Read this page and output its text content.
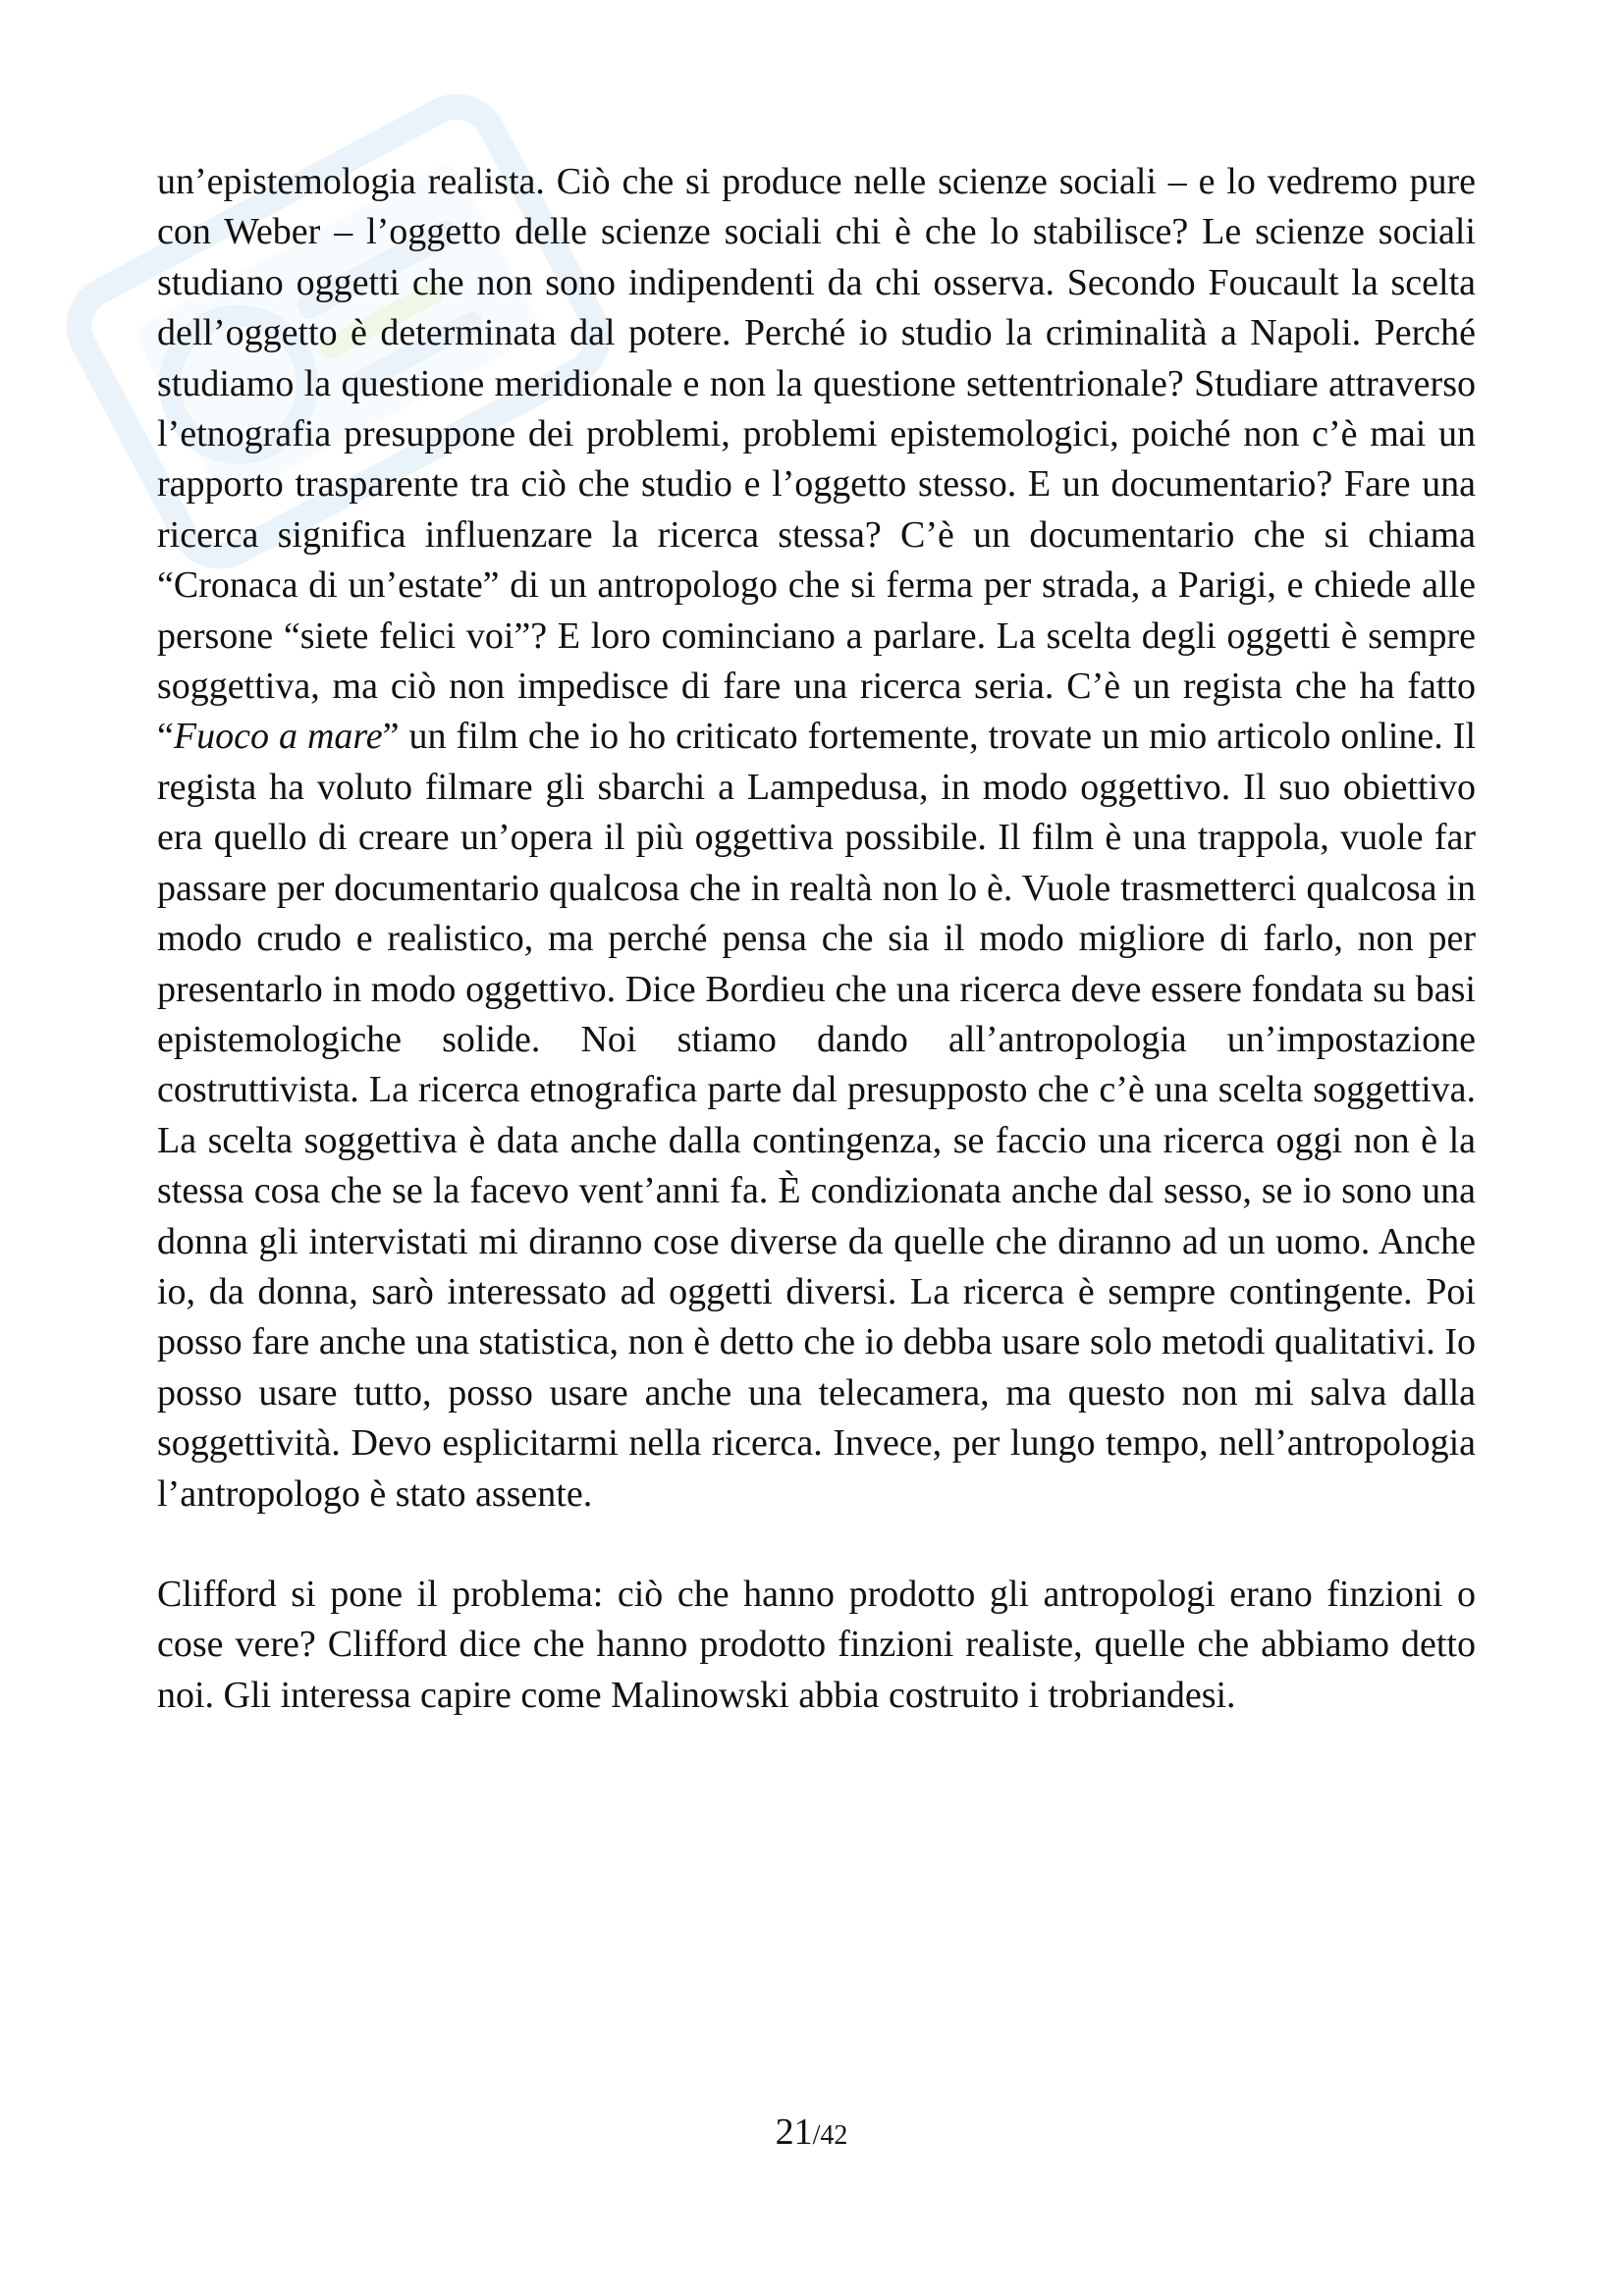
un’epistemologia realista. Ciò che si produce nelle scienze sociali – e lo vedremo pure con Weber – l’oggetto delle scienze sociali chi è che lo stabilisce? Le scienze sociali studiano oggetti che non sono indipendenti da chi osserva. Secondo Foucault la scelta dell’oggetto è determinata dal potere. Perché io studio la criminalità a Napoli. Perché studiamo la questione meridionale e non la questione settentrionale? Studiare attraverso l’etnografia presuppone dei problemi, problemi epistemologici, poiché non c’è mai un rapporto trasparente tra ciò che studio e l’oggetto stesso. E un documentario? Fare una ricerca significa influenzare la ricerca stessa? C’è un documentario che si chiama “Cronaca di un’estate” di un antropologo che si ferma per strada, a Parigi, e chiede alle persone “siete felici voi”? E loro cominciano a parlare. La scelta degli oggetti è sempre soggettiva, ma ciò non impedisce di fare una ricerca seria. C’è un regista che ha fatto “Fuoco a mare” un film che io ho criticato fortemente, trovate un mio articolo online. Il regista ha voluto filmare gli sbarchi a Lampedusa, in modo oggettivo. Il suo obiettivo era quello di creare un’opera il più oggettiva possibile. Il film è una trappola, vuole far passare per documentario qualcosa che in realtà non lo è. Vuole trasmetterci qualcosa in modo crudo e realistico, ma perché pensa che sia il modo migliore di farlo, non per presentarlo in modo oggettivo. Dice Bordieu che una ricerca deve essere fondata su basi epistemologiche solide. Noi stiamo dando all’antropologia un’impostazione costruttivista. La ricerca etnografica parte dal presupposto che c’è una scelta soggettiva. La scelta soggettiva è data anche dalla contingenza, se faccio una ricerca oggi non è la stessa cosa che se la facevo vent’anni fa. È condizionata anche dal sesso, se io sono una donna gli intervistati mi diranno cose diverse da quelle che diranno ad un uomo. Anche io, da donna, sarò interessato ad oggetti diversi. La ricerca è sempre contingente. Poi posso fare anche una statistica, non è detto che io debba usare solo metodi qualitativi. Io posso usare tutto, posso usare anche una telecamera, ma questo non mi salva dalla soggettività. Devo esplicitarmi nella ricerca. Invece, per lungo tempo, nell’antropologia l’antropologo è stato assente.

Clifford si pone il problema: ciò che hanno prodotto gli antropologi erano finzioni o cose vere? Clifford dice che hanno prodotto finzioni realiste, quelle che abbiamo detto noi. Gli interessa capire come Malinowski abbia costruito i trobriandesi.

21/42
